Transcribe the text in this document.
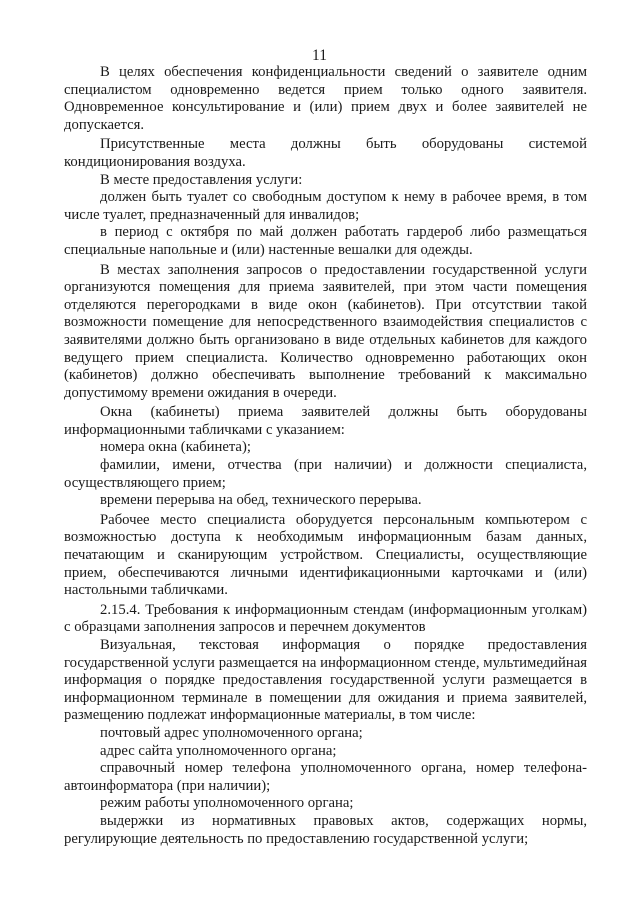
11

В целях обеспечения конфиденциальности сведений о заявителе одним специалистом одновременно ведется прием только одного заявителя. Одновременное консультирование и (или) прием двух и более заявителей не допускается.

Присутственные места должны быть оборудованы системой кондиционирования воздуха.

В месте предоставления услуги:

должен быть туалет со свободным доступом к нему в рабочее время, в том числе туалет, предназначенный для инвалидов;

в период с октября по май должен работать гардероб либо размещаться специальные напольные и (или) настенные вешалки для одежды.

В местах заполнения запросов о предоставлении государственной услуги организуются помещения для приема заявителей, при этом части помещения отделяются перегородками в виде окон (кабинетов). При отсутствии такой возможности помещение для непосредственного взаимодействия специалистов с заявителями должно быть организовано в виде отдельных кабинетов для каждого ведущего прием специалиста. Количество одновременно работающих окон (кабинетов) должно обеспечивать выполнение требований к максимально допустимому времени ожидания в очереди.

Окна (кабинеты) приема заявителей должны быть оборудованы информационными табличками с указанием:

номера окна (кабинета);

фамилии, имени, отчества (при наличии) и должности специалиста, осуществляющего прием;

времени перерыва на обед, технического перерыва.

Рабочее место специалиста оборудуется персональным компьютером с возможностью доступа к необходимым информационным базам данных, печатающим и сканирующим устройством. Специалисты, осуществляющие прием, обеспечиваются личными идентификационными карточками и (или) настольными табличками.

2.15.4. Требования к информационным стендам (информационным уголкам) с образцами заполнения запросов и перечнем документов

Визуальная, текстовая информация о порядке предоставления государственной услуги размещается на информационном стенде, мультимедийная информация о порядке предоставления государственной услуги размещается в информационном терминале в помещении для ожидания и приема заявителей, размещению подлежат информационные материалы, в том числе:

почтовый адрес уполномоченного органа;

адрес сайта уполномоченного органа;

справочный номер телефона уполномоченного органа, номер телефона-автоинформатора (при наличии);

режим работы уполномоченного органа;

выдержки из нормативных правовых актов, содержащих нормы, регулирующие деятельность по предоставлению государственной услуги;
